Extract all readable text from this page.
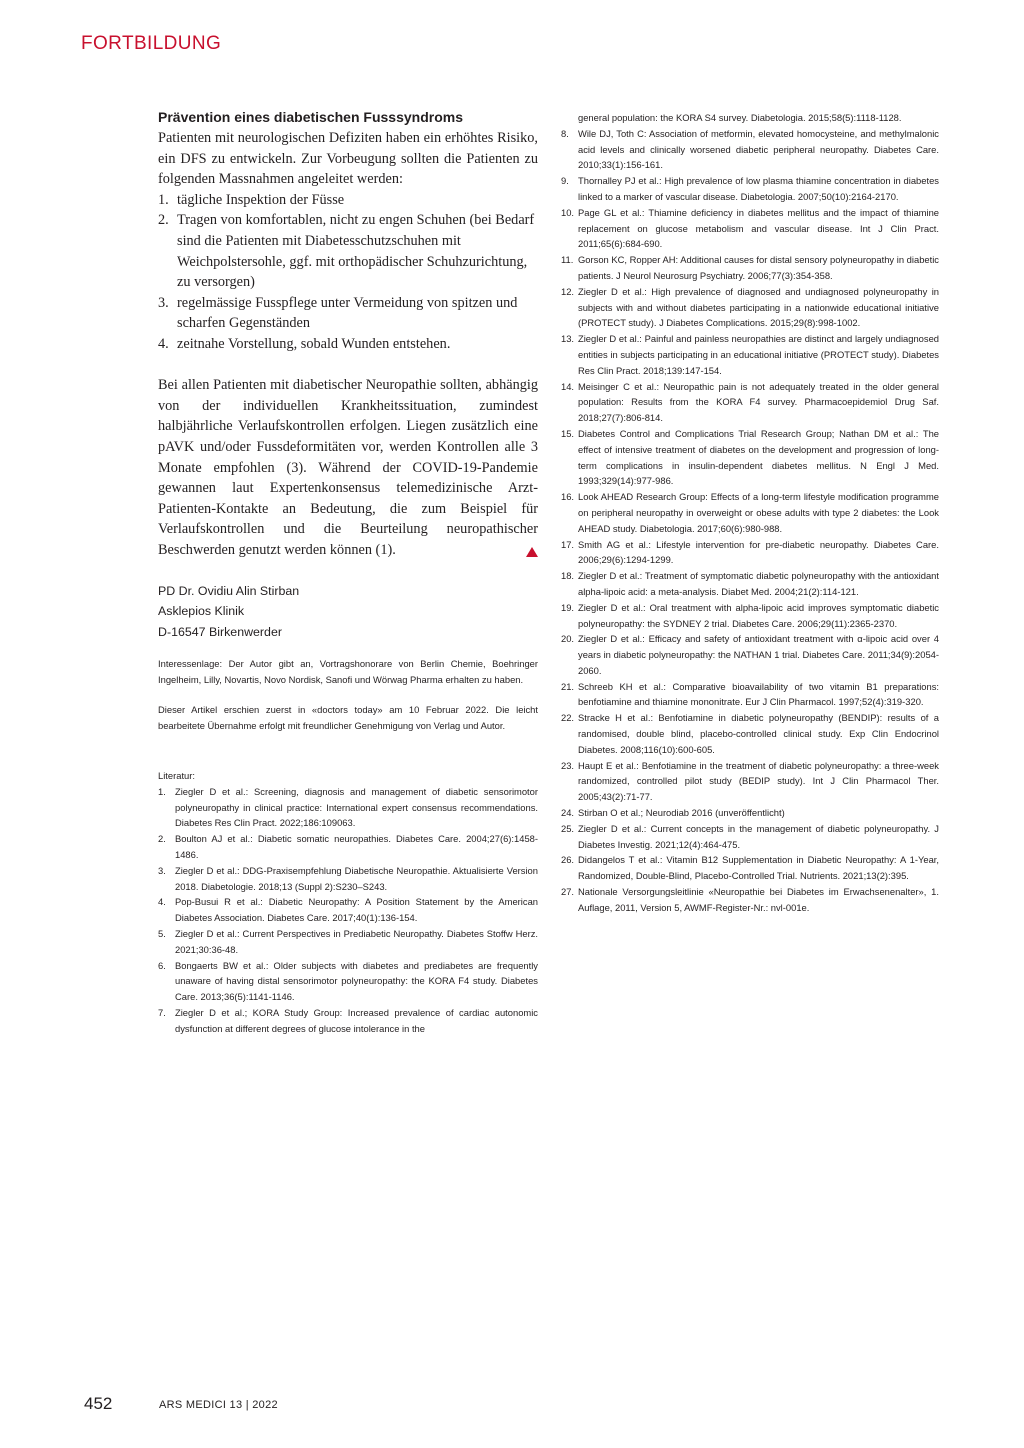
FORTBILDUNG
Prävention eines diabetischen Fusssyndroms

Patienten mit neurologischen Defiziten haben ein erhöhtes Risiko, ein DFS zu entwickeln. Zur Vorbeugung sollten die Patienten zu folgenden Massnahmen angeleitet werden:

1. tägliche Inspektion der Füsse
2. Tragen von komfortablen, nicht zu engen Schuhen (bei Bedarf sind die Patienten mit Diabetesschutzschuhen mit Weichpolstersohle, ggf. mit orthopädischer Schuhzurichtung, zu versorgen)
3. regelmässige Fusspflege unter Vermeidung von spitzen und scharfen Gegenständen
4. zeitnahe Vorstellung, sobald Wunden entstehen.

Bei allen Patienten mit diabetischer Neuropathie sollten, abhängig von der individuellen Krankheitssituation, zumindest halbjährliche Verlaufskontrollen erfolgen. Liegen zusätzlich eine pAVK und/oder Fussdeformitäten vor, werden Kontrollen alle 3 Monate empfohlen (3). Während der COVID-19-Pandemie gewannen laut Expertenkonsensus telemedizinische Arzt-Patienten-Kontakte an Bedeutung, die zum Beispiel für Verlaufskontrollen und die Beurteilung neuropathischer Beschwerden genutzt werden können (1).

PD Dr. Ovidiu Alin Stirban
Asklepios Klinik
D-16547 Birkenwerder

Interessenlage: Der Autor gibt an, Vortragshonorare von Berlin Chemie, Boehringer Ingelheim, Lilly, Novartis, Novo Nordisk, Sanofi und Wörwag Pharma erhalten zu haben.

Dieser Artikel erschien zuerst in «doctors today» am 10 Februar 2022. Die leicht bearbeitete Übernahme erfolgt mit freundlicher Genehmigung von Verlag und Autor.

Literatur:
1. Ziegler D et al.: Screening, diagnosis and management of diabetic sensorimotor polyneuropathy in clinical practice: International expert consensus recommendations. Diabetes Res Clin Pract. 2022;186:109063.
2. Boulton AJ et al.: Diabetic somatic neuropathies. Diabetes Care. 2004;27(6):1458-1486.
3. Ziegler D et al.: DDG-Praxisempfehlung Diabetische Neuropathie. Aktualisierte Version 2018. Diabetologie. 2018;13 (Suppl 2):S230–S243.
4. Pop-Busui R et al.: Diabetic Neuropathy: A Position Statement by the American Diabetes Association. Diabetes Care. 2017;40(1):136-154.
5. Ziegler D et al.: Current Perspectives in Prediabetic Neuropathy. Diabetes Stoffw Herz. 2021;30:36-48.
6. Bongaerts BW et al.: Older subjects with diabetes and prediabetes are frequently unaware of having distal sensorimotor polyneuropathy: the KORA F4 study. Diabetes Care. 2013;36(5):1141-1146.
7. Ziegler D et al.; KORA Study Group: Increased prevalence of cardiac autonomic dysfunction at different degrees of glucose intolerance in the
general population: the KORA S4 survey. Diabetologia. 2015;58(5):1118-1128.
8. Wile DJ, Toth C: Association of metformin, elevated homocysteine, and methylmalonic acid levels and clinically worsened diabetic peripheral neuropathy. Diabetes Care. 2010;33(1):156-161.
9. Thornalley PJ et al.: High prevalence of low plasma thiamine concentration in diabetes linked to a marker of vascular disease. Diabetologia. 2007;50(10):2164-2170.
10. Page GL et al.: Thiamine deficiency in diabetes mellitus and the impact of thiamine replacement on glucose metabolism and vascular disease. Int J Clin Pract. 2011;65(6):684-690.
11. Gorson KC, Ropper AH: Additional causes for distal sensory polyneuropathy in diabetic patients. J Neurol Neurosurg Psychiatry. 2006;77(3):354-358.
12. Ziegler D et al.: High prevalence of diagnosed and undiagnosed polyneuropathy in subjects with and without diabetes participating in a nationwide educational initiative (PROTECT study). J Diabetes Complications. 2015;29(8):998-1002.
13. Ziegler D et al.: Painful and painless neuropathies are distinct and largely undiagnosed entities in subjects participating in an educational initiative (PROTECT study). Diabetes Res Clin Pract. 2018;139:147-154.
14. Meisinger C et al.: Neuropathic pain is not adequately treated in the older general population: Results from the KORA F4 survey. Pharmacoepidemiol Drug Saf. 2018;27(7):806-814.
15. Diabetes Control and Complications Trial Research Group; Nathan DM et al.: The effect of intensive treatment of diabetes on the development and progression of long-term complications in insulin-dependent diabetes mellitus. N Engl J Med. 1993;329(14):977-986.
16. Look AHEAD Research Group: Effects of a long-term lifestyle modification programme on peripheral neuropathy in overweight or obese adults with type 2 diabetes: the Look AHEAD study. Diabetologia. 2017;60(6):980-988.
17. Smith AG et al.: Lifestyle intervention for pre-diabetic neuropathy. Diabetes Care. 2006;29(6):1294-1299.
18. Ziegler D et al.: Treatment of symptomatic diabetic polyneuropathy with the antioxidant alpha-lipoic acid: a meta-analysis. Diabet Med. 2004;21(2):114-121.
19. Ziegler D et al.: Oral treatment with alpha-lipoic acid improves symptomatic diabetic polyneuropathy: the SYDNEY 2 trial. Diabetes Care. 2006;29(11):2365-2370.
20. Ziegler D et al.: Efficacy and safety of antioxidant treatment with α-lipoic acid over 4 years in diabetic polyneuropathy: the NATHAN 1 trial. Diabetes Care. 2011;34(9):2054-2060.
21. Schreeb KH et al.: Comparative bioavailability of two vitamin B1 preparations: benfotiamine and thiamine mononitrate. Eur J Clin Pharmacol. 1997;52(4):319-320.
22. Stracke H et al.: Benfotiamine in diabetic polyneuropathy (BENDIP): results of a randomised, double blind, placebo-controlled clinical study. Exp Clin Endocrinol Diabetes. 2008;116(10):600-605.
23. Haupt E et al.: Benfotiamine in the treatment of diabetic polyneuropathy: a three-week randomized, controlled pilot study (BEDIP study). Int J Clin Pharmacol Ther. 2005;43(2):71-77.
24. Stirban O et al.; Neurodiab 2016 (unveröffentlicht)
25. Ziegler D et al.: Current concepts in the management of diabetic polyneuropathy. J Diabetes Investig. 2021;12(4):464-475.
26. Didangelos T et al.: Vitamin B12 Supplementation in Diabetic Neuropathy: A 1-Year, Randomized, Double-Blind, Placebo-Controlled Trial. Nutrients. 2021;13(2):395.
27. Nationale Versorgungsleitlinie «Neuropathie bei Diabetes im Erwachsenenalter», 1. Auflage, 2011, Version 5, AWMF-Register-Nr.: nvl-001e.
452	ARS MEDICI 13 | 2022
